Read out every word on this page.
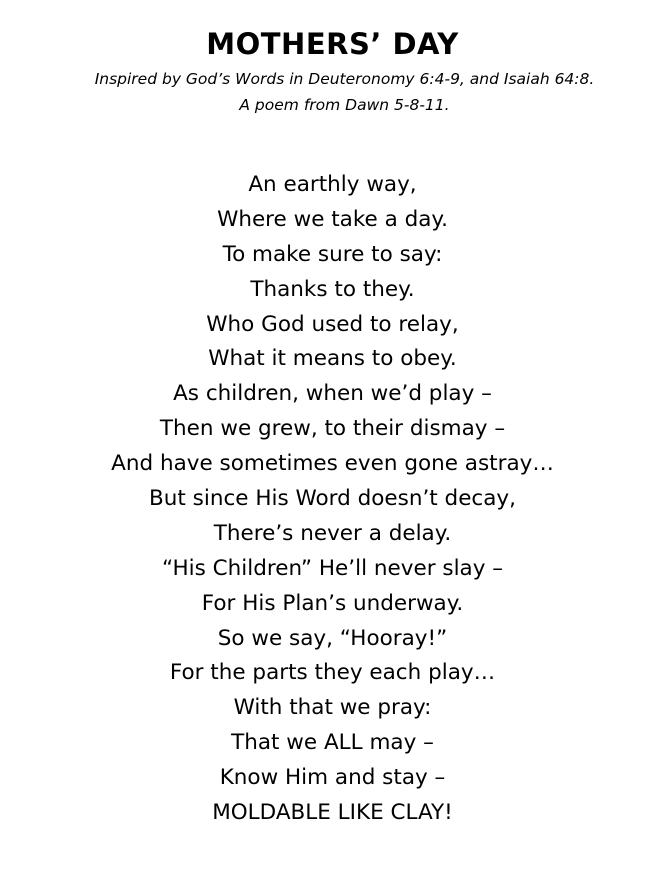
MOTHERS’ DAY
Inspired by God’s Words in Deuteronomy 6:4-9, and Isaiah 64:8.
A poem from Dawn 5-8-11.
An earthly way,
Where we take a day.
To make sure to say:
Thanks to they.
Who God used to relay,
What it means to obey.
As children, when we’d play –
Then we grew, to their dismay –
And have sometimes even gone astray…
But since His Word doesn’t decay,
There’s never a delay.
“His Children” He’ll never slay –
For His Plan’s underway.
So we say, “Hooray!”
For the parts they each play…
With that we pray:
That we ALL may –
Know Him and stay –
MOLDABLE LIKE CLAY!
